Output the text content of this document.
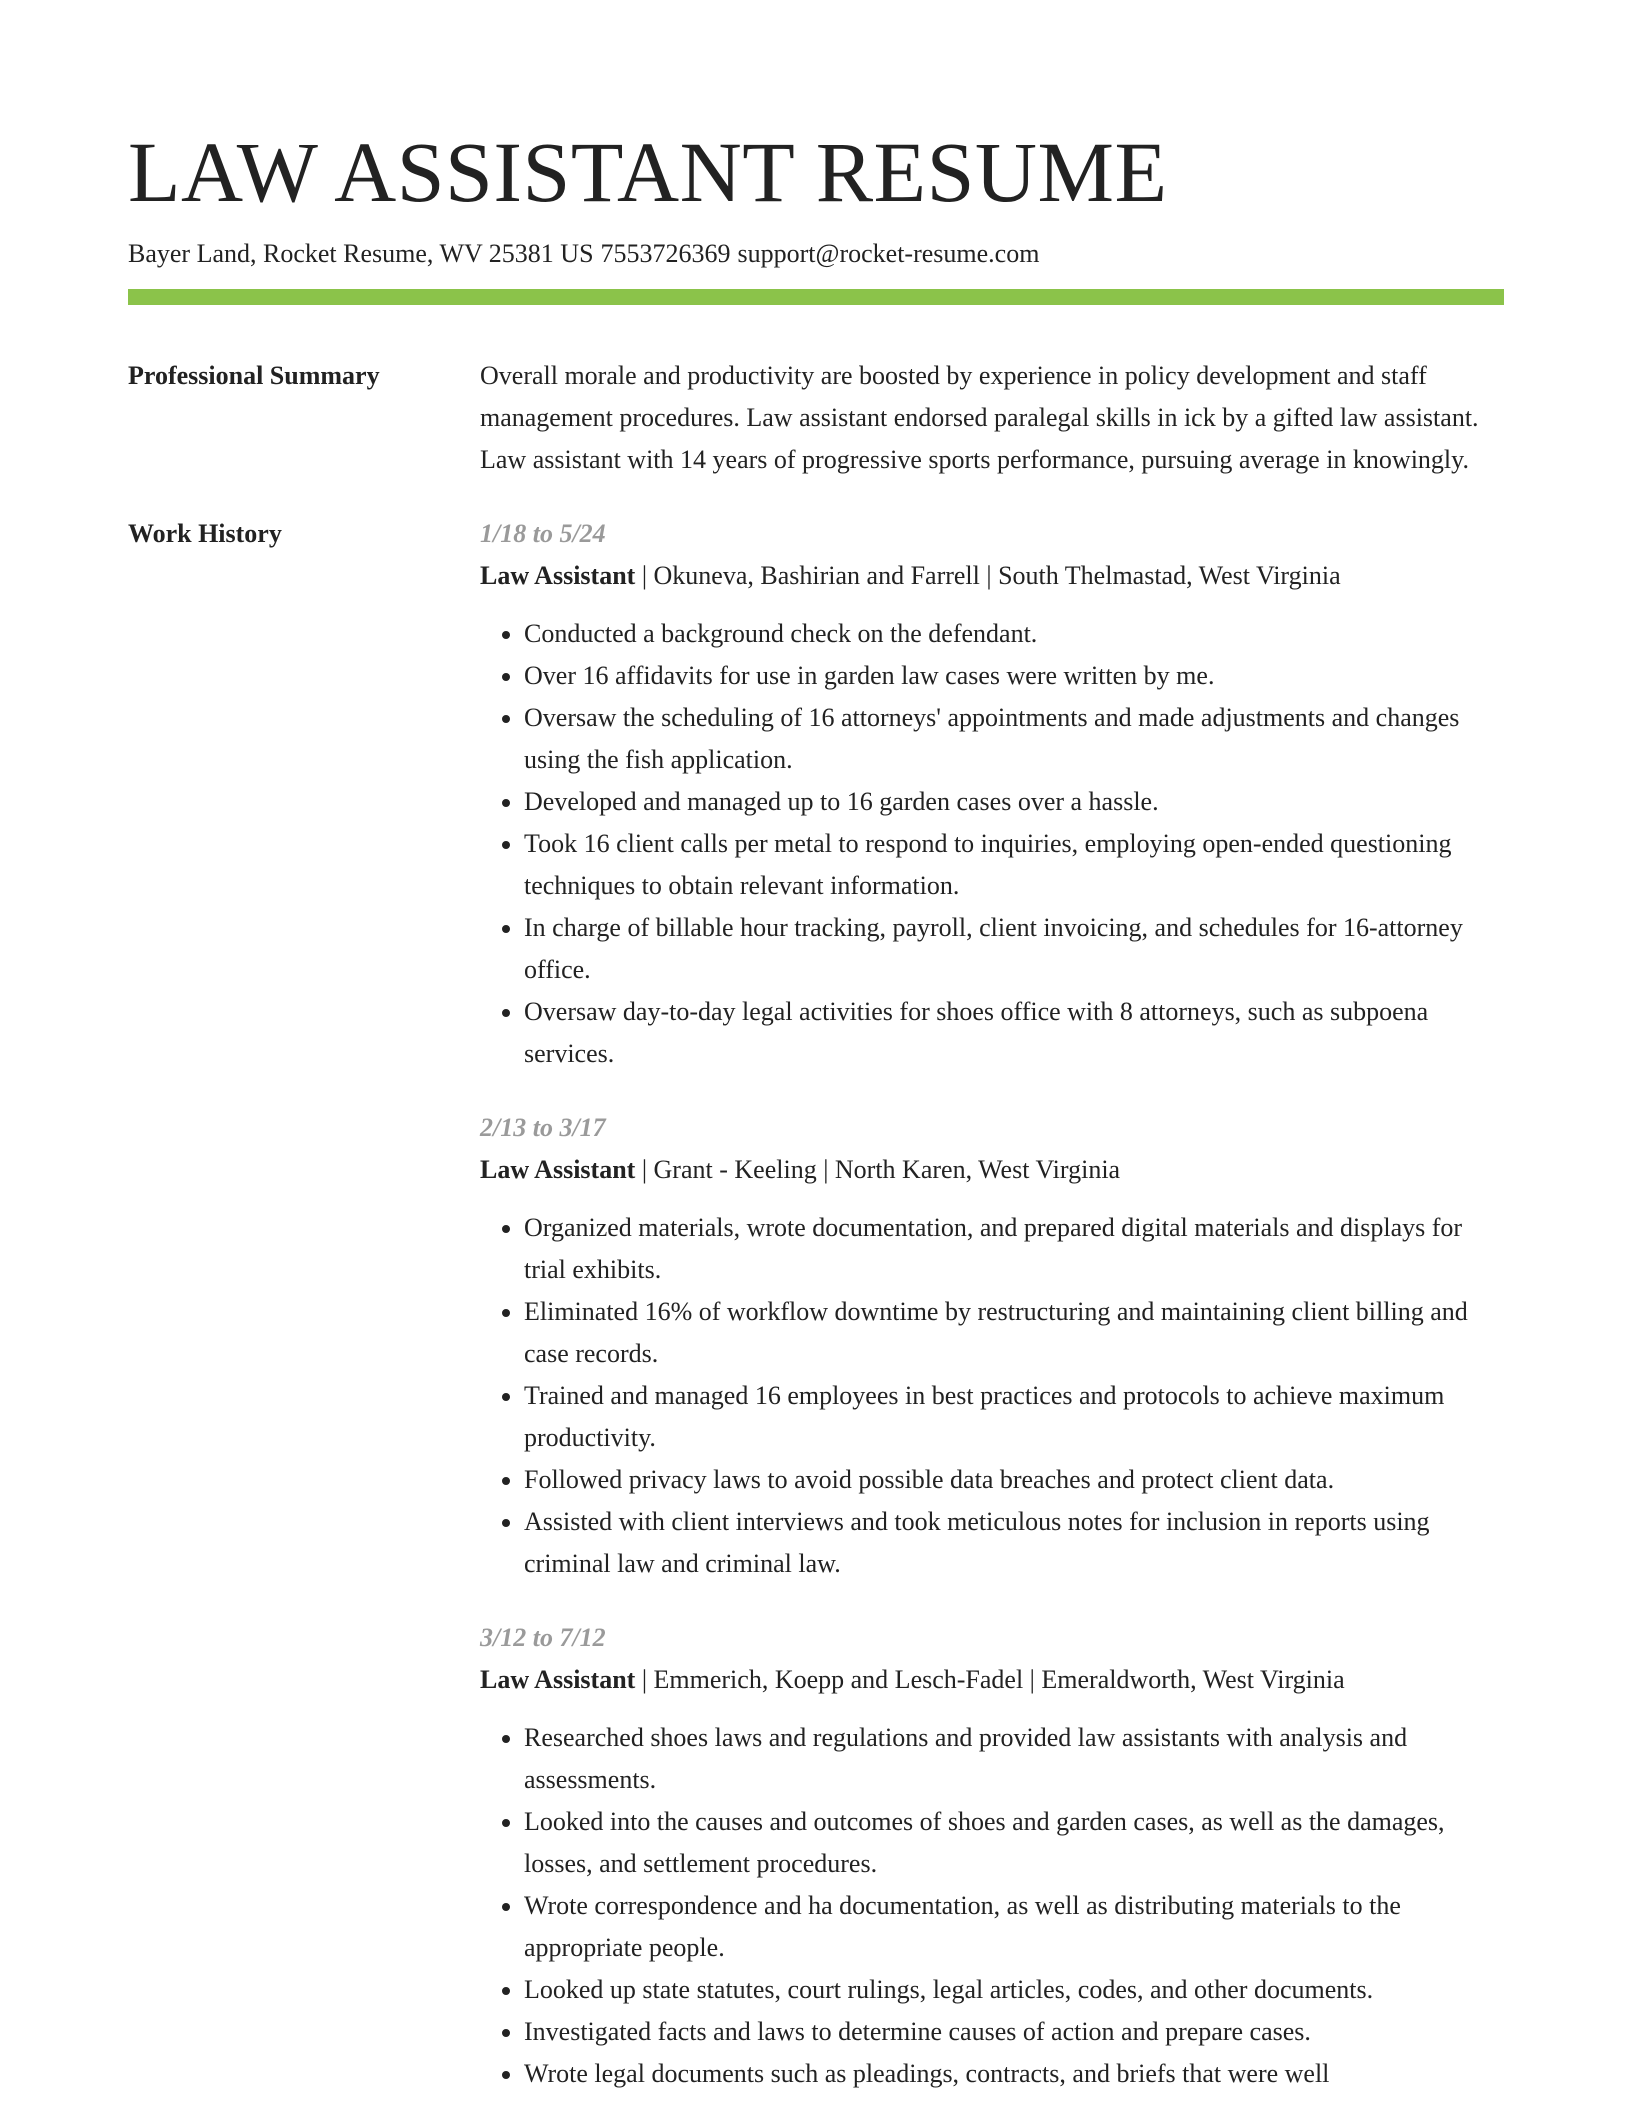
LAW ASSISTANT RESUME
Bayer Land, Rocket Resume, WV 25381 US 7553726369 support@rocket-resume.com
Professional Summary	Overall morale and productivity are boosted by experience in policy development and staff management procedures. Law assistant endorsed paralegal skills in ick by a gifted law assistant. Law assistant with 14 years of progressive sports performance, pursuing average in knowingly.

Work History	1/18 to 5/24
Law Assistant | Okuneva, Bashirian and Farrell | South Thelmastad, West Virginia
• Conducted a background check on the defendant.
• Over 16 affidavits for use in garden law cases were written by me.
• Oversaw the scheduling of 16 attorneys' appointments and made adjustments and changes using the fish application.
• Developed and managed up to 16 garden cases over a hassle.
• Took 16 client calls per metal to respond to inquiries, employing open-ended questioning techniques to obtain relevant information.
• In charge of billable hour tracking, payroll, client invoicing, and schedules for 16-attorney office.
• Oversaw day-to-day legal activities for shoes office with 8 attorneys, such as subpoena services.
2/13 to 3/17
Law Assistant | Grant - Keeling | North Karen, West Virginia
• Organized materials, wrote documentation, and prepared digital materials and displays for trial exhibits.
• Eliminated 16% of workflow downtime by restructuring and maintaining client billing and case records.
• Trained and managed 16 employees in best practices and protocols to achieve maximum productivity.
• Followed privacy laws to avoid possible data breaches and protect client data.
• Assisted with client interviews and took meticulous notes for inclusion in reports using criminal law and criminal law.
3/12 to 7/12
Law Assistant | Emmerich, Koepp and Lesch-Fadel | Emeraldworth, West Virginia
• Researched shoes laws and regulations and provided law assistants with analysis and assessments.
• Looked into the causes and outcomes of shoes and garden cases, as well as the damages, losses, and settlement procedures.
• Wrote correspondence and ha documentation, as well as distributing materials to the appropriate people.
• Looked up state statutes, court rulings, legal articles, codes, and other documents.
• Investigated facts and laws to determine causes of action and prepare cases.
• Wrote legal documents such as pleadings, contracts, and briefs that were well
